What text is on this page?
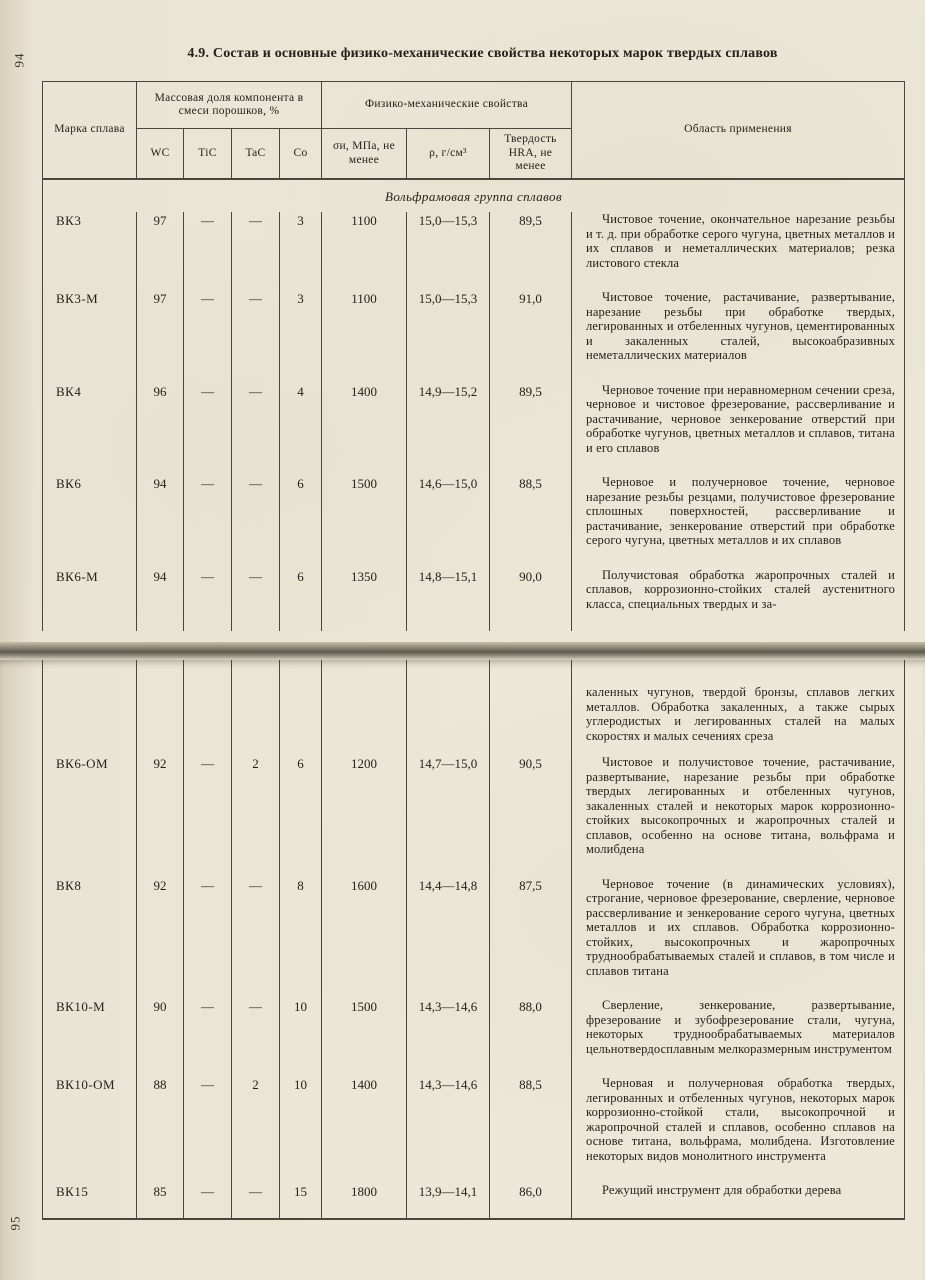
94	4.9. Состав и основные физико-механические свойства некоторых марок твердых сплавов
Марка сплава
Массовая доля компонента в смеси порошков, %
Физико-механические свойства
Область применения
WC	TiC	TaC	Co
σи, МПа, не менее
ρ, г/см³
Твердость HRA, не менее
Вольфрамовая группа сплавов
ВК3	97	—	—	3	1100	15,0—15,3	89,5	Чистовое точение, окончательное нарезание резьбы и т. д. при обработке серого чугуна, цветных металлов и их сплавов и неметаллических материалов; резка листового стекла
ВК3-М	97	—	—	3	1100	15,0—15,3	91,0	Чистовое точение, растачивание, развертывание, нарезание резьбы при обработке твердых, легированных и отбеленных чугунов, цементированных и закаленных сталей, высокоабразивных неметаллических материалов
ВК4	96	—	—	4	1400	14,9—15,2	89,5	Черновое точение при неравномерном сечении среза, черновое и чистовое фрезерование, рассверливание и растачивание, черновое зенкерование отверстий при обработке чугунов, цветных металлов и сплавов, титана и его сплавов
ВК6	94	—	—	6	1500	14,6—15,0	88,5	Черновое и получерновое точение, черновое нарезание резьбы резцами, получистовое фрезерование сплошных поверхностей, рассверливание и растачивание, зенкерование отверстий при обработке серого чугуна, цветных металлов и их сплавов
ВК6-М	94	—	—	6	1350	14,8—15,1	90,0	Получистовая обработка жаропрочных сталей и сплавов, коррозионно-стойких сталей аустенитного класса, специальных твердых и за-
каленных чугунов, твердой бронзы, сплавов легких металлов. Обработка закаленных, а также сырых углеродистых и легированных сталей на малых скоростях и малых сечениях среза
ВК6-ОМ	92	—	2	6	1200	14,7—15,0	90,5	Чистовое и получистовое точение, растачивание, развертывание, нарезание резьбы при обработке твердых легированных и отбеленных чугунов, закаленных сталей и некоторых марок коррозионно-стойких высокопрочных и жаропрочных сталей и сплавов, особенно на основе титана, вольфрама и молибдена
ВК8	92	—	—	8	1600	14,4—14,8	87,5	Черновое точение (в динамических условиях), строгание, черновое фрезерование, сверление, черновое рассверливание и зенкерование серого чугуна, цветных металлов и их сплавов. Обработка коррозионно-стойких, высокопрочных и жаропрочных труднообрабатываемых сталей и сплавов, в том числе и сплавов титана
ВК10-М	90	—	—	10	1500	14,3—14,6	88,0	Сверление, зенкерование, развертывание, фрезерование и зубофрезерование стали, чугуна, некоторых труднообрабатываемых материалов цельнотвердосплавным мелкоразмерным инструментом
ВК10-ОМ	88	—	2	10	1400	14,3—14,6	88,5	Черновая и получерновая обработка твердых, легированных и отбеленных чугунов, некоторых марок коррозионно-стойкой стали, высокопрочной и жаропрочной сталей и сплавов, особенно сплавов на основе титана, вольфрама, молибдена. Изготовление некоторых видов монолитного инструмента
ВК15	85	—	—	15	1800	13,9—14,1	86,0	Режущий инструмент для обработки дерева
95
